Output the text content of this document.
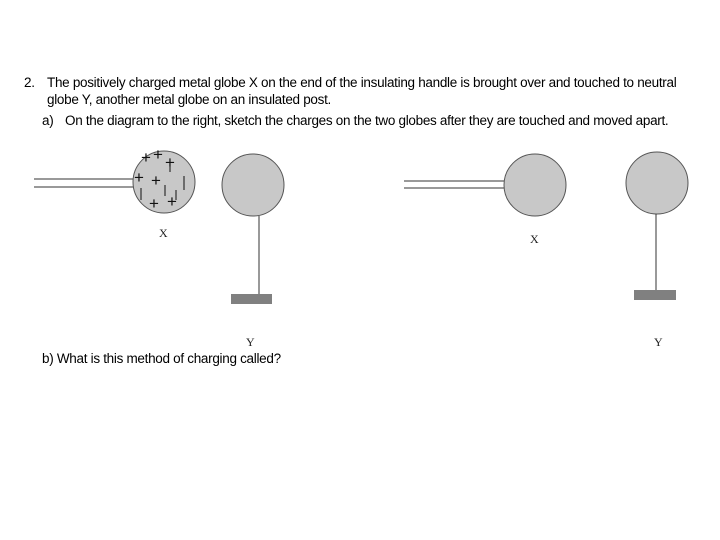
2. The positively charged metal globe X on the end of the insulating handle is brought over and touched to neutral
globe Y, another metal globe on an insulated post.
a) On the diagram to the right, sketch the charges on the two globes after they are touched and moved apart.
+ + +
+ +
+ +
X
Y
X
Y
b) What is this method of charging called?
